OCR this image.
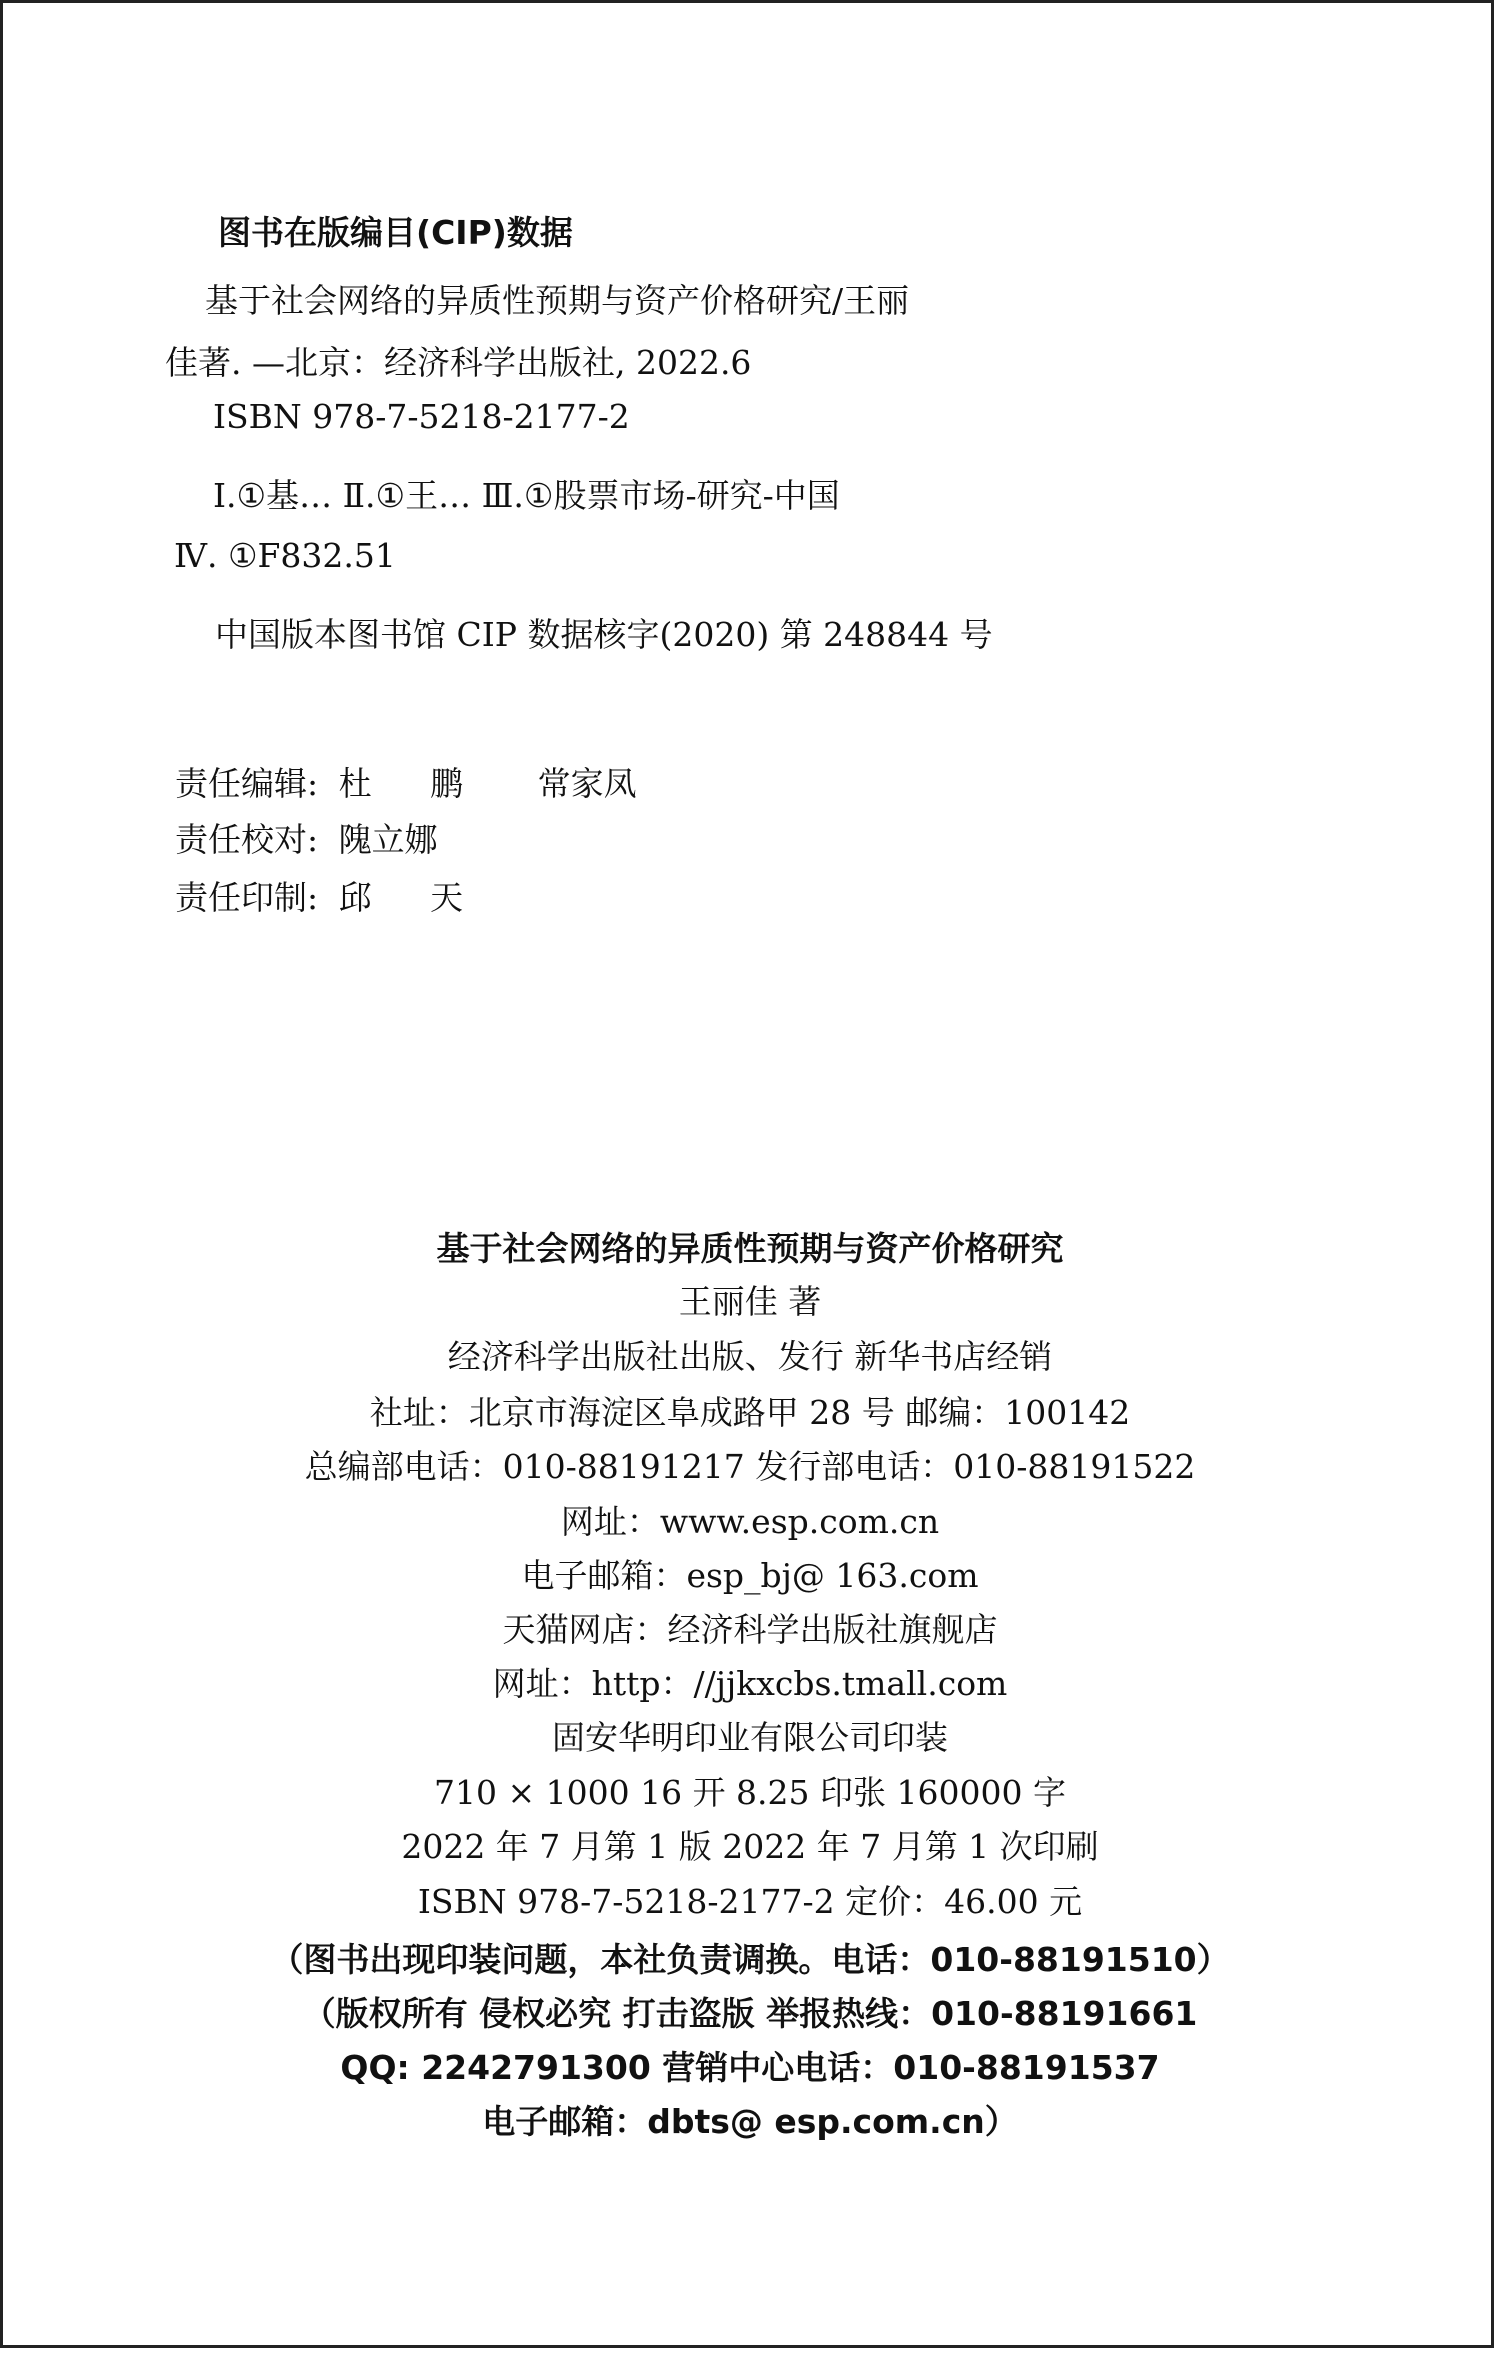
图书在版编目(CIP)数据
基于社会网络的异质性预期与资产价格研究/王丽
佳著. —北京：经济科学出版社, 2022.6
ISBN 978-7-5218-2177-2
Ⅰ.①基… Ⅱ.①王… Ⅲ.①股票市场-研究-中国
Ⅳ. ①F832.51
中国版本图书馆 CIP 数据核字(2020) 第 248844 号
责任编辑: 杜 鹏 常家凤
责任校对: 隗立娜
责任印制: 邱 天
基于社会网络的异质性预期与资产价格研究
王丽佳 著
经济科学出版社出版、发行 新华书店经销
社址：北京市海淀区阜成路甲 28 号 邮编：100142
总编部电话：010-88191217 发行部电话：010-88191522
网址：www.esp.com.cn
电子邮箱：esp_bj@ 163.com
天猫网店：经济科学出版社旗舰店
网址：http：//jjkxcbs.tmall.com
固安华明印业有限公司印装
710 × 1000 16 开 8.25 印张 160000 字
2022 年 7 月第 1 版 2022 年 7 月第 1 次印刷
ISBN 978-7-5218-2177-2 定价：46.00 元
（图书出现印装问题，本社负责调换。电话：010-88191510）
（版权所有 侵权必究 打击盗版 举报热线：010-88191661
QQ: 2242791300 营销中心电话：010-88191537
电子邮箱：dbts@ esp.com.cn）
